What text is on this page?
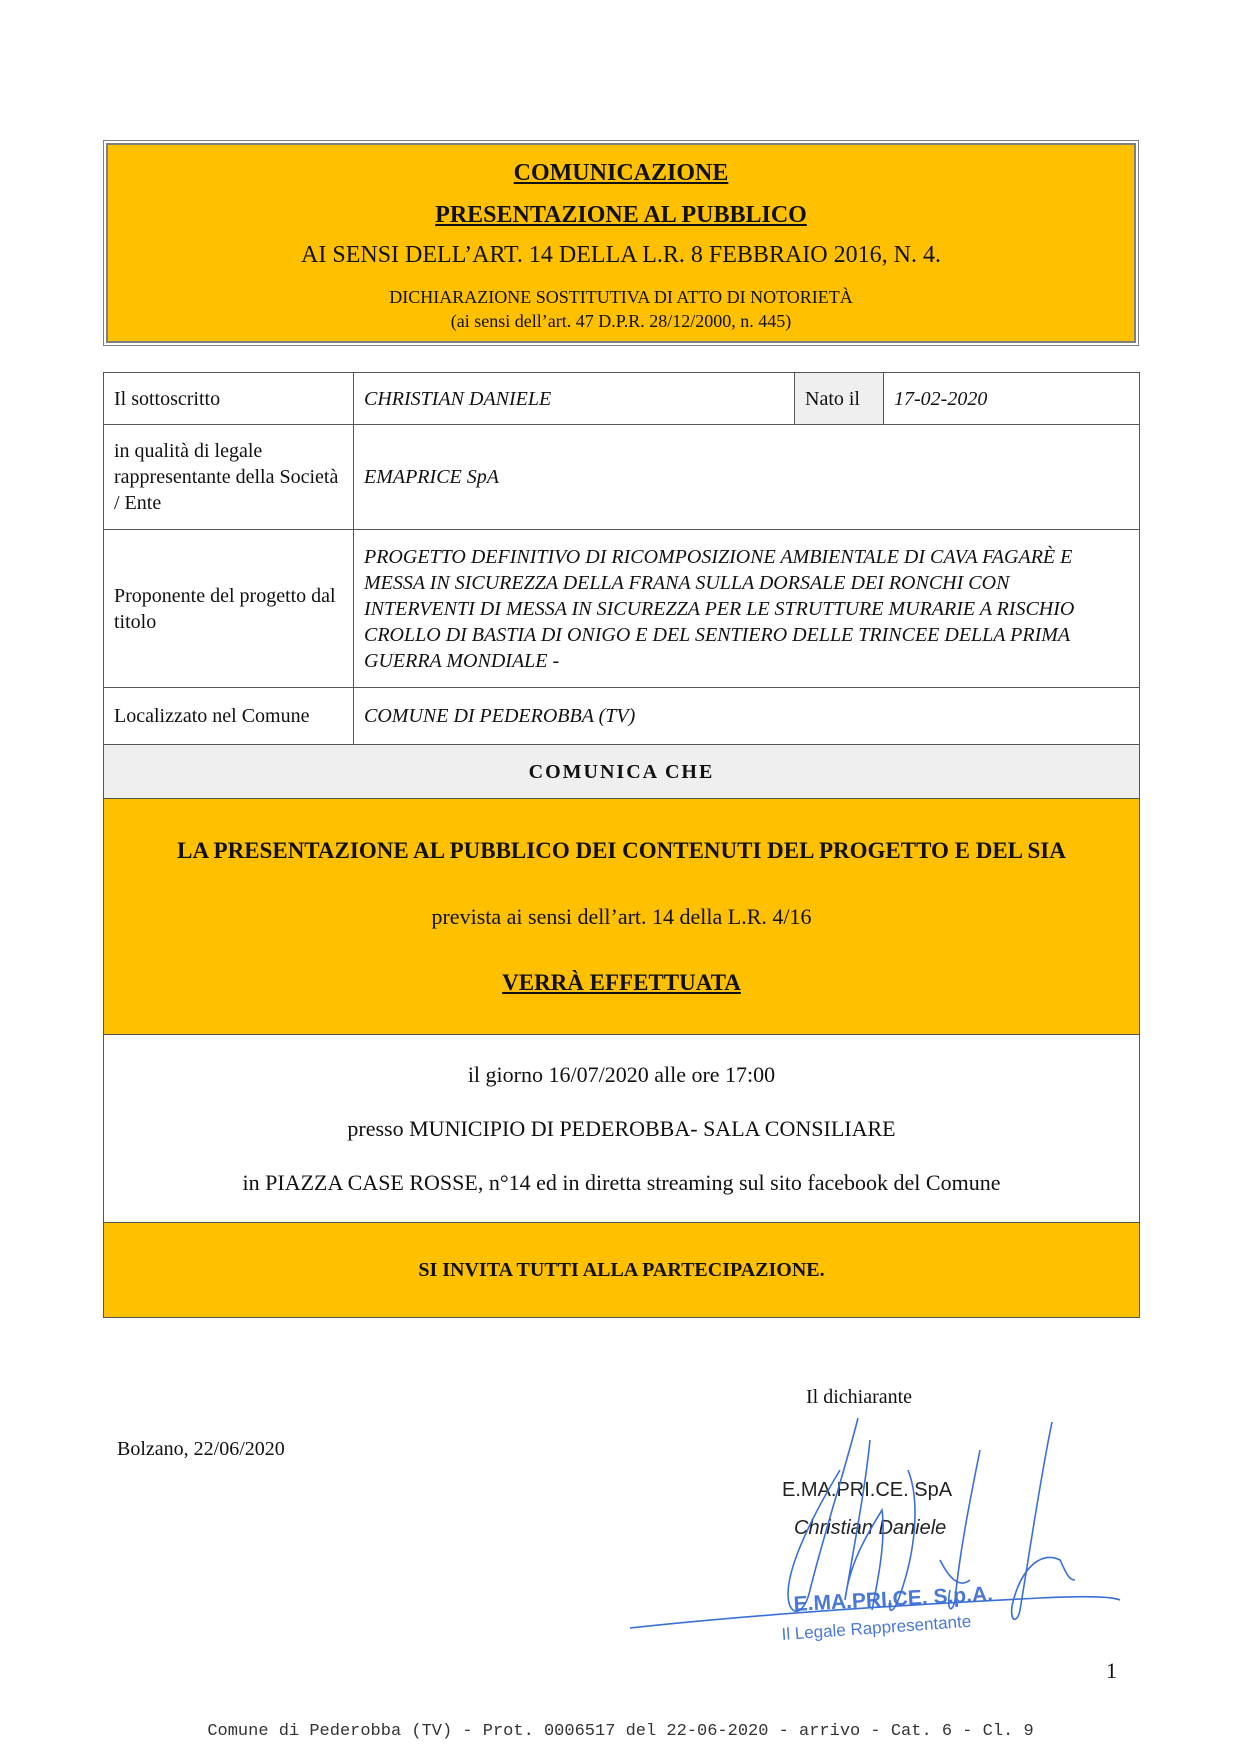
COMUNICAZIONE
PRESENTAZIONE AL PUBBLICO
AI SENSI DELL’ART. 14 DELLA L.R. 8 FEBBRAIO 2016, N. 4.
DICHIARAZIONE SOSTITUTIVA DI ATTO DI NOTORIETÀ
(ai sensi dell’art. 47 D.P.R. 28/12/2000, n. 445)
Il sottoscritto	CHRISTIAN DANIELE	Nato il	17-02-2020
in qualità di legale rappresentante della Società / Ente	EMAPRICE SpA		
Proponente del progetto dal titolo	PROGETTO DEFINITIVO DI RICOMPOSIZIONE AMBIENTALE DI CAVA FAGARÈ E MESSA IN SICUREZZA DELLA FRANA SULLA DORSALE DEI RONCHI CON INTERVENTI DI MESSA IN SICUREZZA PER LE STRUTTURE MURARIE A RISCHIO CROLLO DI BASTIA DI ONIGO E DEL SENTIERO DELLE TRINCEE DELLA PRIMA GUERRA MONDIALE -		
Localizzato nel Comune	COMUNE DI PEDEROBBA (TV)		
COMUNICA CHE			

LA PRESENTAZIONE AL PUBBLICO DEI CONTENUTI DEL PROGETTO E DEL SIA
prevista ai sensi dell’art. 14 della L.R. 4/16
VERRÀ EFFETTUATA			

il giorno 16/07/2020 alle ore 17:00
presso MUNICIPIO DI PEDEROBBA- SALA CONSILIARE
in PIAZZA CASE ROSSE, n°14 ed in diretta streaming sul sito facebook del Comune			

SI INVITA TUTTI ALLA PARTECIPAZIONE.			
Il dichiarante
Bolzano, 22/06/2020
E.MA.PRI.CE. SpA
Christian Daniele
E.MA.PRI.CE. S.p.A.
Il Legale Rappresentante
1
Comune di Pederobba (TV) - Prot. 0006517 del 22-06-2020 - arrivo - Cat. 6 - Cl. 9
